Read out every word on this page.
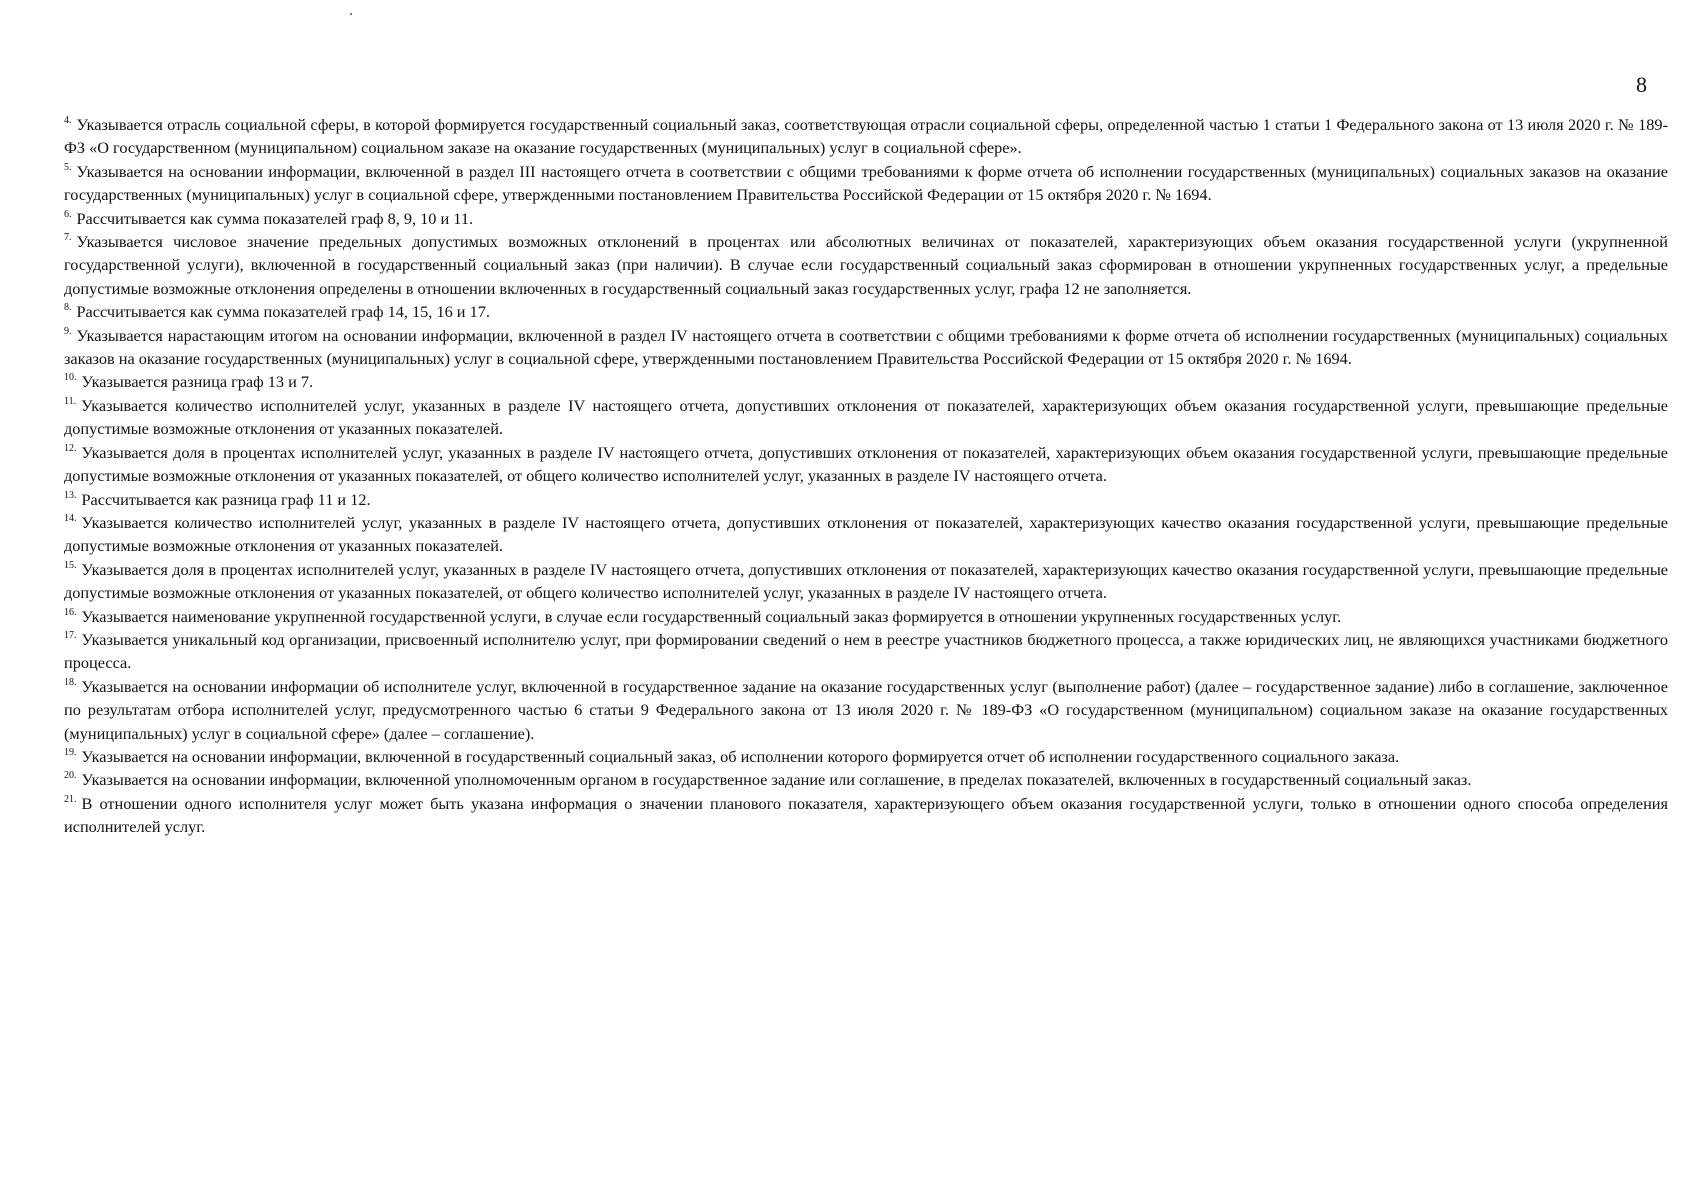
8

$^{4.}$ Указывается отрасль социальной сферы, в которой формируется государственный социальный заказ, соответствующая отрасли социальной сферы, определенной частью 1 статьи 1 Федерального закона от 13 июля 2020 г. № 189-ФЗ «О государственном (муниципальном) социальном заказе на оказание государственных (муниципальных) услуг в социальной сфере».

$^{5.}$ Указывается на основании информации, включенной в раздел III настоящего отчета в соответствии с общими требованиями к форме отчета об исполнении государственных (муниципальных) социальных заказов на оказание государственных (муниципальных) услуг в социальной сфере, утвержденными постановлением Правительства Российской Федерации от 15 октября 2020 г. № 1694.

$^{6.}$ Рассчитывается как сумма показателей граф 8, 9, 10 и 11.

$^{7.}$ Указывается числовое значение предельных допустимых возможных отклонений в процентах или абсолютных величинах от показателей, характеризующих объем оказания государственной услуги (укрупненной государственной услуги), включенной в государственный социальный заказ (при наличии). В случае если государственный социальный заказ сформирован в отношении укрупненных государственных услуг, а предельные допустимые возможные отклонения определены в отношении включенных в государственный социальный заказ государственных услуг, графа 12 не заполняется.

$^{8.}$ Рассчитывается как сумма показателей граф 14, 15, 16 и 17.

$^{9.}$ Указывается нарастающим итогом на основании информации, включенной в раздел IV настоящего отчета в соответствии с общими требованиями к форме отчета об исполнении государственных (муниципальных) социальных заказов на оказание государственных (муниципальных) услуг в социальной сфере, утвержденными постановлением Правительства Российской Федерации от 15 октября 2020 г. № 1694.

$^{10.}$ Указывается разница граф 13 и 7.

$^{11.}$ Указывается количество исполнителей услуг, указанных в разделе IV настоящего отчета, допустивших отклонения от показателей, характеризующих объем оказания государственной услуги, превышающие предельные допустимые возможные отклонения от указанных показателей.

$^{12.}$ Указывается доля в процентах исполнителей услуг, указанных в разделе IV настоящего отчета, допустивших отклонения от показателей, характеризующих объем оказания государственной услуги, превышающие предельные допустимые возможные отклонения от указанных показателей, от общего количество исполнителей услуг, указанных в разделе IV настоящего отчета.

$^{13.}$ Рассчитывается как разница граф 11 и 12.

$^{14.}$ Указывается количество исполнителей услуг, указанных в разделе IV настоящего отчета, допустивших отклонения от показателей, характеризующих качество оказания государственной услуги, превышающие предельные допустимые возможные отклонения от указанных показателей.

$^{15.}$ Указывается доля в процентах исполнителей услуг, указанных в разделе IV настоящего отчета, допустивших отклонения от показателей, характеризующих качество оказания государственной услуги, превышающие предельные допустимые возможные отклонения от указанных показателей, от общего количество исполнителей услуг, указанных в разделе IV настоящего отчета.

$^{16.}$ Указывается наименование укрупненной государственной услуги, в случае если государственный социальный заказ формируется в отношении укрупненных государственных услуг.

$^{17.}$ Указывается уникальный код организации, присвоенный исполнителю услуг, при формировании сведений о нем в реестре участников бюджетного процесса, а также юридических лиц, не являющихся участниками бюджетного процесса.

$^{18.}$ Указывается на основании информации об исполнителе услуг, включенной в государственное задание на оказание государственных услуг (выполнение работ) (далее – государственное задание) либо в соглашение, заключенное по результатам отбора исполнителей услуг, предусмотренного частью 6 статьи 9 Федерального закона от 13 июля 2020 г. № 189-ФЗ «О государственном (муниципальном) социальном заказе на оказание государственных (муниципальных) услуг в социальной сфере» (далее – соглашение).

$^{19.}$ Указывается на основании информации, включенной в государственный социальный заказ, об исполнении которого формируется отчет об исполнении государственного социального заказа.

$^{20.}$ Указывается на основании информации, включенной уполномоченным органом в государственное задание или соглашение, в пределах показателей, включенных в государственный социальный заказ.

$^{21.}$ В отношении одного исполнителя услуг может быть указана информация о значении планового показателя, характеризующего объем оказания государственной услуги, только в отношении одного способа определения исполнителей услуг.
